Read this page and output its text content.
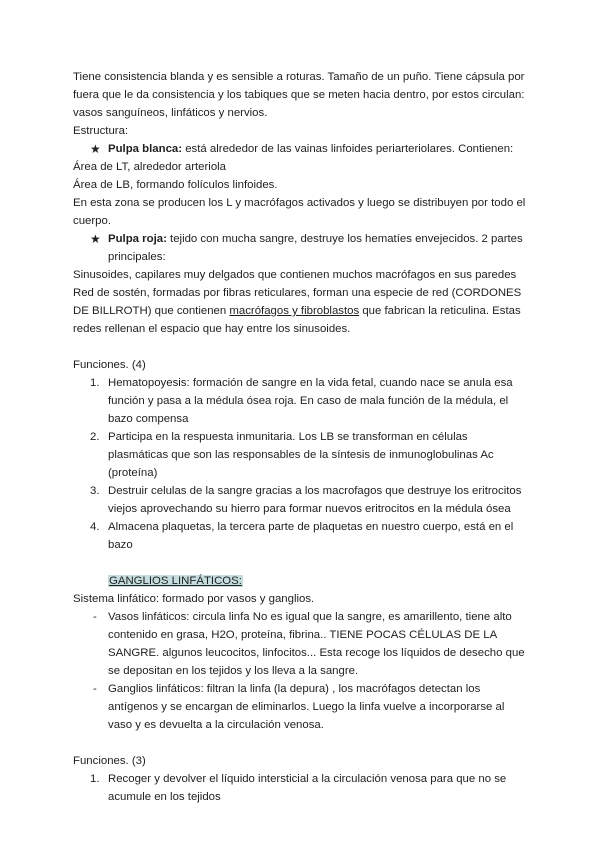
Tiene consistencia blanda y es sensible a roturas. Tamaño de un puño. Tiene cápsula por fuera que le da consistencia y los tabiques que se meten hacia dentro, por estos circulan: vasos sanguíneos, linfáticos y nervios.

Estructura:

★ Pulpa blanca: está alrededor de las vainas linfoides periarteriolares. Contienen:

Área de LT, alrededor arteriola

Área de LB, formando folículos linfoides.

En esta zona se producen los L y macrófagos activados y luego se distribuyen por todo el cuerpo.

★ Pulpa roja: tejido con mucha sangre, destruye los hematíes envejecidos. 2 partes principales:

Sinusoides, capilares muy delgados que contienen muchos macrófagos en sus paredes

Red de sostén, formadas por fibras reticulares, forman una especie de red (CORDONES DE BILLROTH) que contienen macrófagos y fibroblastos que fabrican la reticulina. Estas redes rellenan el espacio que hay entre los sinusoides.

Funciones. (4)

1. Hematopoyesis: formación de sangre en la vida fetal, cuando nace se anula esa función y pasa a la médula ósea roja. En caso de mala función de la médula, el bazo compensa
2. Participa en la respuesta inmunitaria. Los LB se transforman en células plasmáticas que son las responsables de la síntesis de inmunoglobulinas Ac (proteína)
3. Destruir celulas de la sangre gracias a los macrofagos que destruye los eritrocitos viejos aprovechando su hierro para formar nuevos eritrocitos en la médula ósea
4. Almacena plaquetas, la tercera parte de plaquetas en nuestro cuerpo, está en el bazo

GANGLIOS LINFÁTICOS:

Sistema linfático: formado por vasos y ganglios.

- Vasos linfáticos: circula linfa No es igual que la sangre, es amarillento, tiene alto contenido en grasa, H2O, proteína, fibrina.. TIENE POCAS CÉLULAS DE LA SANGRE. algunos leucocitos, linfocitos... Esta recoge los líquidos de desecho que se depositan en los tejidos y los lleva a la sangre.
- Ganglios linfáticos: filtran la linfa (la depura) , los macrófagos detectan los antígenos y se encargan de eliminarlos. Luego la linfa vuelve a incorporarse al vaso y es devuelta a la circulación venosa.

Funciones. (3)

1. Recoger y devolver el líquido intersticial a la circulación venosa para que no se acumule en los tejidos
